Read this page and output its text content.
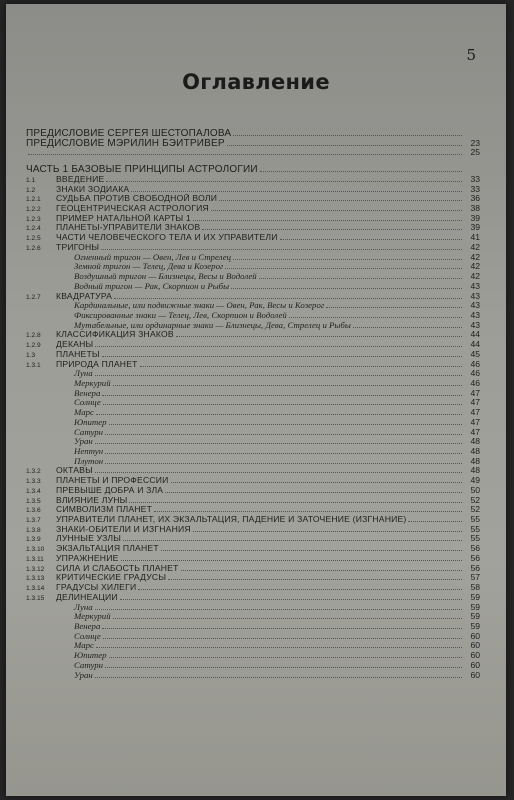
5
Оглавление
ПРЕДИСЛОВИЕ СЕРГЕЯ ШЕСТОПАЛОВА
ПРЕДИСЛОВИЕ МЭРИЛИН БЭЙТРИВЕР	23
25
ЧАСТЬ 1 БАЗОВЫЕ ПРИНЦИПЫ АСТРОЛОГИИ
1.1	ВВЕДЕНИЕ	33
1.2	ЗНАКИ ЗОДИАКА	33
1.2.1	СУДЬБА ПРОТИВ СВОБОДНОЙ ВОЛИ	36
1.2.2	ГЕОЦЕНТРИЧЕСКАЯ АСТРОЛОГИЯ	38
1.2.3	ПРИМЕР НАТАЛЬНОЙ КАРТЫ 1	39
1.2.4	ПЛАНЕТЫ-УПРАВИТЕЛИ ЗНАКОВ	39
1.2.5	ЧАСТИ ЧЕЛОВЕЧЕСКОГО ТЕЛА И ИХ УПРАВИТЕЛИ	41
1.2.6	ТРИГОНЫ	42
Огненный тригон — Овен, Лев и Стрелец	42
Земной тригон — Телец, Дева и Козерог	42
Воздушный тригон — Близнецы, Весы и Водолей	42
Водный тригон — Рак, Скорпион и Рыбы	43
1.2.7	КВАДРАТУРА	43
Кардинальные, или подвижные знаки — Овен, Рак, Весы и Козерог	43
Фиксированные знаки — Телец, Лев, Скорпион и Водолей	43
Мутабельные, или ординарные знаки — Близнецы, Дева, Стрелец и Рыбы	43
1.2.8	КЛАССИФИКАЦИЯ ЗНАКОВ	44
1.2.9	ДЕКАНЫ	44
1.3	ПЛАНЕТЫ	45
1.3.1	ПРИРОДА ПЛАНЕТ	46
Луна	46
Меркурий	46
Венера	47
Солнце	47
Марс	47
Юпитер	47
Сатурн	47
Уран	48
Нептун	48
Плутон	48
1.3.2	ОКТАВЫ	48
1.3.3	ПЛАНЕТЫ И ПРОФЕССИИ	49
1.3.4	ПРЕВЫШЕ ДОБРА И ЗЛА	50
1.3.5	ВЛИЯНИЕ ЛУНЫ	52
1.3.6	СИМВОЛИЗМ ПЛАНЕТ	52
1.3.7	УПРАВИТЕЛИ ПЛАНЕТ, ИХ ЭКЗАЛЬТАЦИЯ, ПАДЕНИЕ И ЗАТОЧЕНИЕ (ИЗГНАНИЕ)	55
1.3.8	ЗНАКИ-ОБИТЕЛИ И ИЗГНАНИЯ	55
1.3.9	ЛУННЫЕ УЗЛЫ	55
1.3.10	ЭКЗАЛЬТАЦИЯ ПЛАНЕТ	56
1.3.11	УПРАЖНЕНИЕ	56
1.3.12	СИЛА И СЛАБОСТЬ ПЛАНЕТ	56
1.3.13	КРИТИЧЕСКИЕ ГРАДУСЫ	57
1.3.14	ГРАДУСЫ ХИЛЕГИ	58
1.3.15	ДЕЛИНЕАЦИИ	59
Луна	59
Меркурий	59
Венера	59
Солнце	60
Марс	60
Юпитер	60
Сатурн	60
Уран	60
